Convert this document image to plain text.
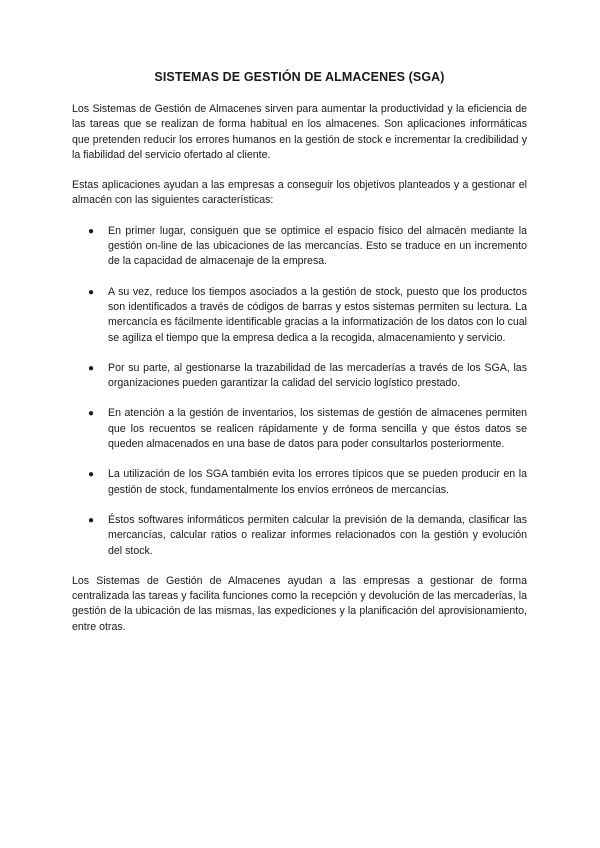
SISTEMAS DE GESTIÓN DE ALMACENES (SGA)

Los Sistemas de Gestión de Almacenes sirven para aumentar la productividad y la eficiencia de las tareas que se realizan de forma habitual en los almacenes. Son aplicaciones informáticas que pretenden reducir los errores humanos en la gestión de stock e incrementar la credibilidad y la fiabilidad del servicio ofertado al cliente.

Estas aplicaciones ayudan a las empresas a conseguir los objetivos planteados y a gestionar el almacén con las siguientes características:

● En primer lugar, consiguen que se optimice el espacio físico del almacén mediante la gestión on-line de las ubicaciones de las mercancías. Esto se traduce en un incremento de la capacidad de almacenaje de la empresa.
● A su vez, reduce los tiempos asociados a la gestión de stock, puesto que los productos son identificados a través de códigos de barras y estos sistemas permiten su lectura. La mercancía es fácilmente identificable gracias a la informatización de los datos con lo cual se agiliza el tiempo que la empresa dedica a la recogida, almacenamiento y servicio.
● Por su parte, al gestionarse la trazabilidad de las mercaderías a través de los SGA, las organizaciones pueden garantizar la calidad del servicio logístico prestado.
● En atención a la gestión de inventarios, los sistemas de gestión de almacenes permiten que los recuentos se realicen rápidamente y de forma sencilla y que éstos datos se queden almacenados en una base de datos para poder consultarlos posteriormente.
● La utilización de los SGA también evita los errores típicos que se pueden producir en la gestión de stock, fundamentalmente los envíos erróneos de mercancías.
● Éstos softwares informáticos permiten calcular la previsión de la demanda, clasificar las mercancías, calcular ratios o realizar informes relacionados con la gestión y evolución del stock.

Los Sistemas de Gestión de Almacenes ayudan a las empresas a gestionar de forma centralizada las tareas y facilita funciones como la recepción y devolución de las mercaderías, la gestión de la ubicación de las mismas, las expediciones y la planificación del aprovisionamiento, entre otras.
